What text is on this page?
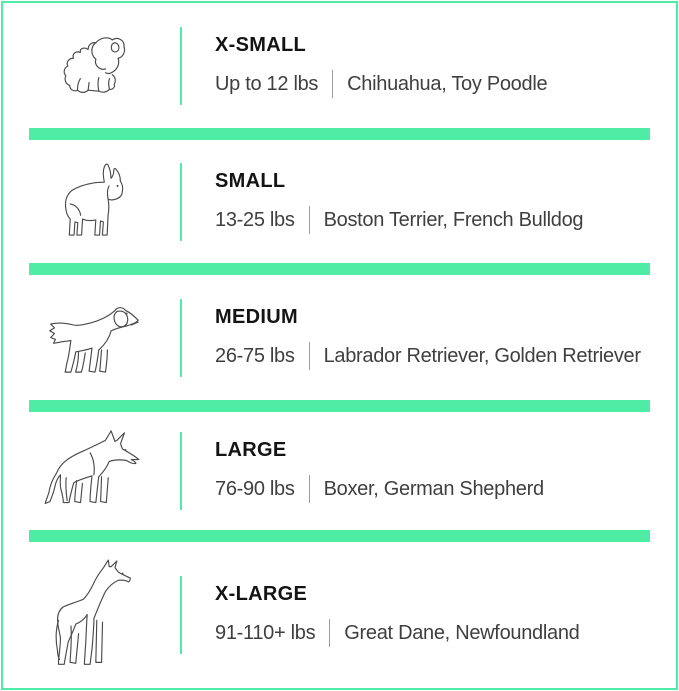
X-SMALL
Up to 12 lbs Chihuahua, Toy Poodle
SMALL
13-25 lbs Boston Terrier, French Bulldog
MEDIUM
26-75 lbs Labrador Retriever, Golden Retriever
LARGE
76-90 lbs Boxer, German Shepherd
X-LARGE
91-110+ lbs Great Dane, Newfoundland
